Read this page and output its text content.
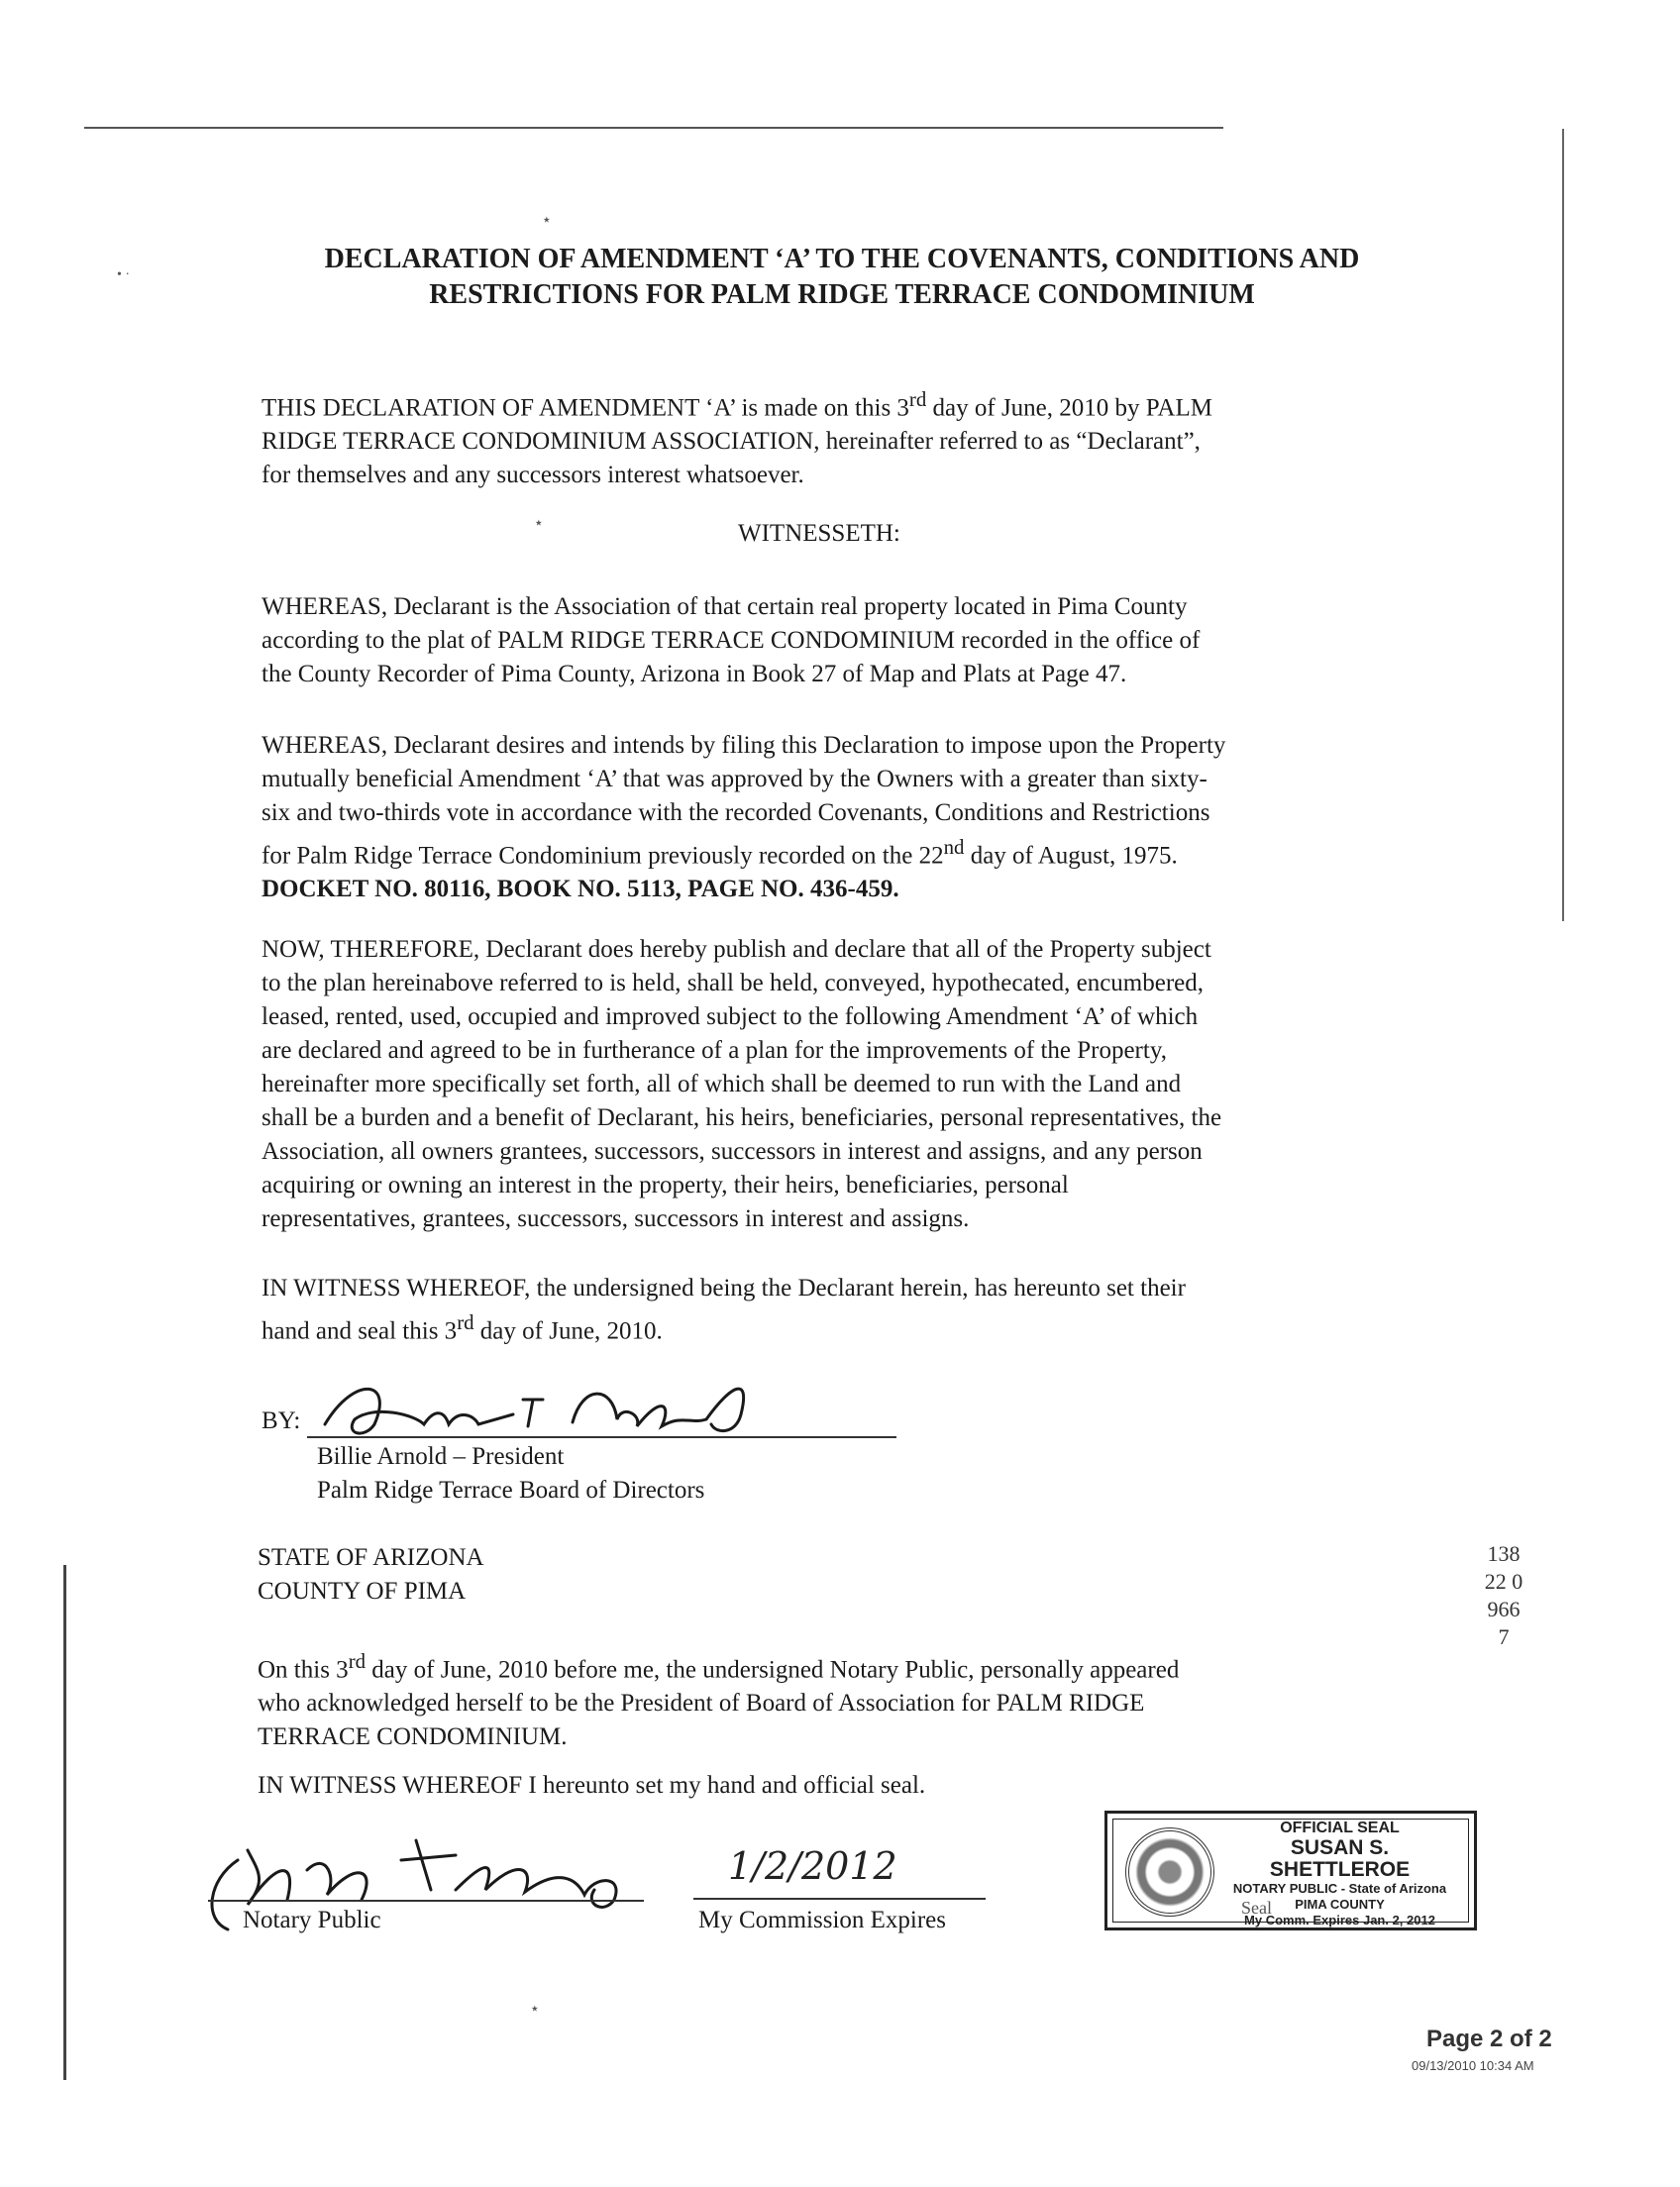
DECLARATION OF AMENDMENT ‘A’ TO THE COVENANTS, CONDITIONS AND
RESTRICTIONS FOR PALM RIDGE TERRACE CONDOMINIUM
THIS DECLARATION OF AMENDMENT ‘A’ is made on this 3rd day of June, 2010 by PALM
RIDGE TERRACE CONDOMINIUM ASSOCIATION, hereinafter referred to as “Declarant”,
for themselves and any successors interest whatsoever.
WITNESSETH:
WHEREAS, Declarant is the Association of that certain real property located in Pima County
according to the plat of PALM RIDGE TERRACE CONDOMINIUM recorded in the office of
the County Recorder of Pima County, Arizona in Book 27 of Map and Plats at Page 47.
WHEREAS, Declarant desires and intends by filing this Declaration to impose upon the Property
mutually beneficial Amendment ‘A’ that was approved by the Owners with a greater than sixty-
six and two-thirds vote in accordance with the recorded Covenants, Conditions and Restrictions
for Palm Ridge Terrace Condominium previously recorded on the 22nd day of August, 1975.
DOCKET NO. 80116, BOOK NO. 5113, PAGE NO. 436-459.
NOW, THEREFORE, Declarant does hereby publish and declare that all of the Property subject
to the plan hereinabove referred to is held, shall be held, conveyed, hypothecated, encumbered,
leased, rented, used, occupied and improved subject to the following Amendment ‘A’ of which
are declared and agreed to be in furtherance of a plan for the improvements of the Property,
hereinafter more specifically set forth, all of which shall be deemed to run with the Land and
shall be a burden and a benefit of Declarant, his heirs, beneficiaries, personal representatives, the
Association, all owners grantees, successors, successors in interest and assigns, and any person
acquiring or owning an interest in the property, their heirs, beneficiaries, personal
representatives, grantees, successors, successors in interest and assigns.
IN WITNESS WHEREOF, the undersigned being the Declarant herein, has hereunto set their
hand and seal this 3rd day of June, 2010.
BY:
Billie Arnold – President
Palm Ridge Terrace Board of Directors
STATE OF ARIZONA
COUNTY OF PIMA
13822 09667
On this 3rd day of June, 2010 before me, the undersigned Notary Public, personally appeared
who acknowledged herself to be the President of Board of Association for PALM RIDGE
TERRACE CONDOMINIUM.
IN WITNESS WHEREOF I hereunto set my hand and official seal.
Notary Public
1/2/2012
My Commission Expires
OFFICIAL SEAL
SUSAN S. SHETTLEROE
NOTARY PUBLIC - State of Arizona
PIMA COUNTY
My Comm. Expires Jan. 2, 2012
Seal
Page 2 of 2
09/13/2010 10:34 AM
٭
• ·
٭
٭
